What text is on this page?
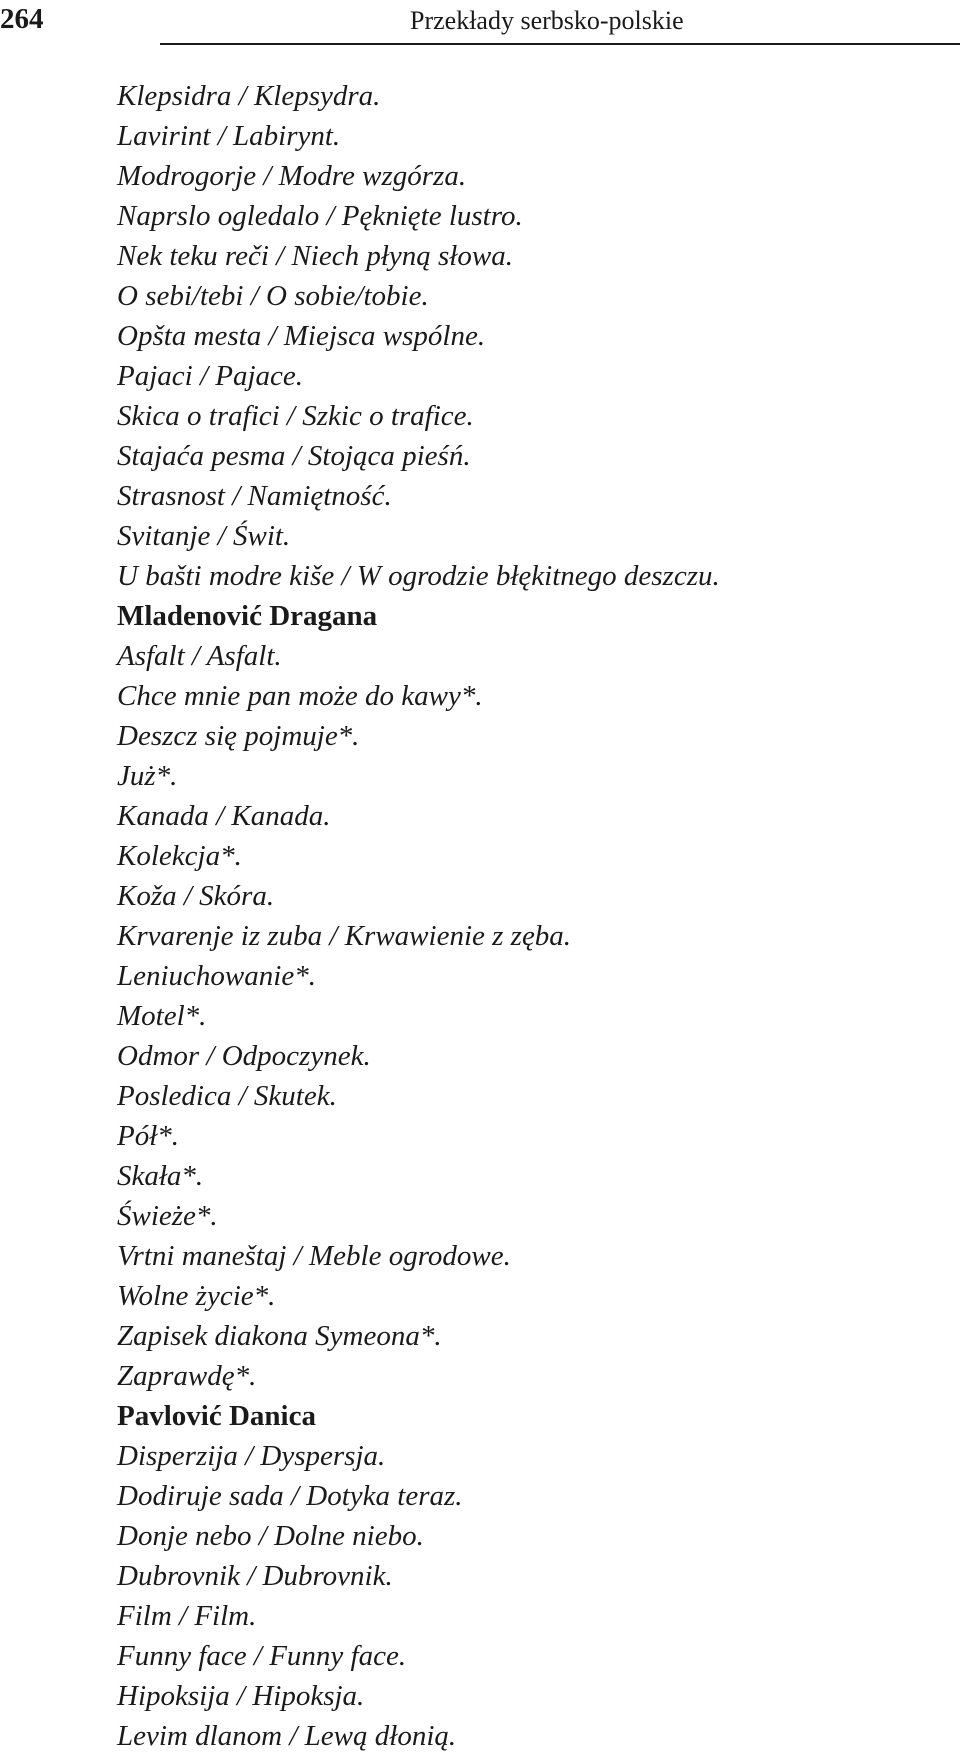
264	Przekłady serbsko-polskie
Klepsidra / Klepsydra.
Lavirint / Labirynt.
Modrogorje / Modre wzgórza.
Naprslo ogledalo / Pęknięte lustro.
Nek teku reči / Niech płyną słowa.
O sebi/tebi / O sobie/tobie.
Opšta mesta / Miejsca wspólne.
Pajaci / Pajace.
Skica o trafici / Szkic o trafice.
Stajaća pesma / Stojąca pieśń.
Strasnost / Namiętność.
Svitanje / Świt.
U bašti modre kiše / W ogrodzie błękitnego deszczu.
Mladenović Dragana
Asfalt / Asfalt.
Chce mnie pan może do kawy*.
Deszcz się pojmuje*.
Już*.
Kanada / Kanada.
Kolekcja*.
Koža / Skóra.
Krvarenje iz zuba / Krwawienie z zęba.
Leniuchowanie*.
Motel*.
Odmor / Odpoczynek.
Posledica / Skutek.
Pół*.
Skała*.
Świeże*.
Vrtni maneštaj / Meble ogrodowe.
Wolne życie*.
Zapisek diakona Symeona*.
Zaprawdę*.
Pavlović Danica
Disperzija / Dyspersja.
Dodiruje sada / Dotyka teraz.
Donje nebo / Dolne niebo.
Dubrovnik / Dubrovnik.
Film / Film.
Funny face / Funny face.
Hipoksija / Hipoksja.
Levim dlanom / Lewą dłonią.
